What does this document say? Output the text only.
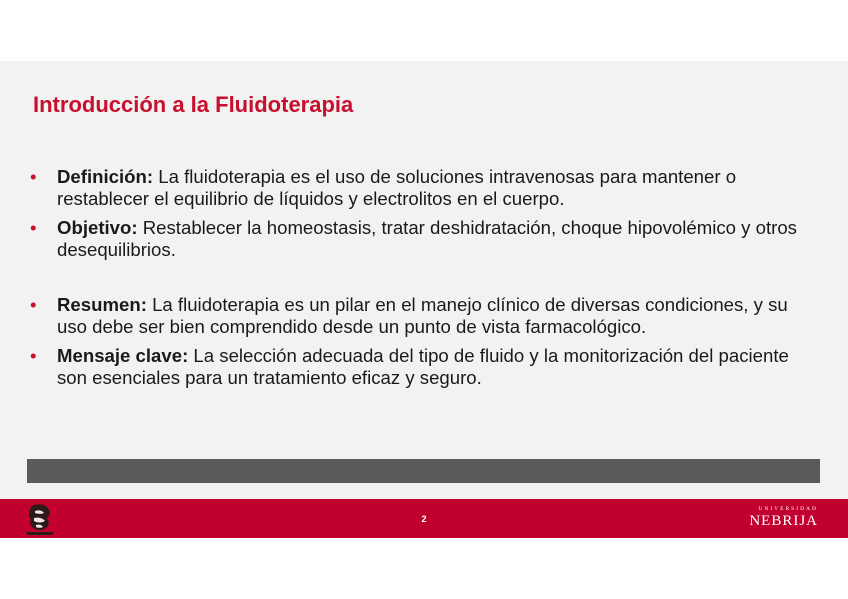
Introducción a la Fluidoterapia
• Definición: La fluidoterapia es el uso de soluciones intravenosas para mantener o restablecer el equilibrio de líquidos y electrolitos en el cuerpo.
• Objetivo: Restablecer la homeostasis, tratar deshidratación, choque hipovolémico y otros desequilibrios.
• Resumen: La fluidoterapia es un pilar en el manejo clínico de diversas condiciones, y su uso debe ser bien comprendido desde un punto de vista farmacológico.
• Mensaje clave: La selección adecuada del tipo de fluido y la monitorización del paciente son esenciales para un tratamiento eficaz y seguro.
2
UNIVERSIDAD
NEBRIJA
